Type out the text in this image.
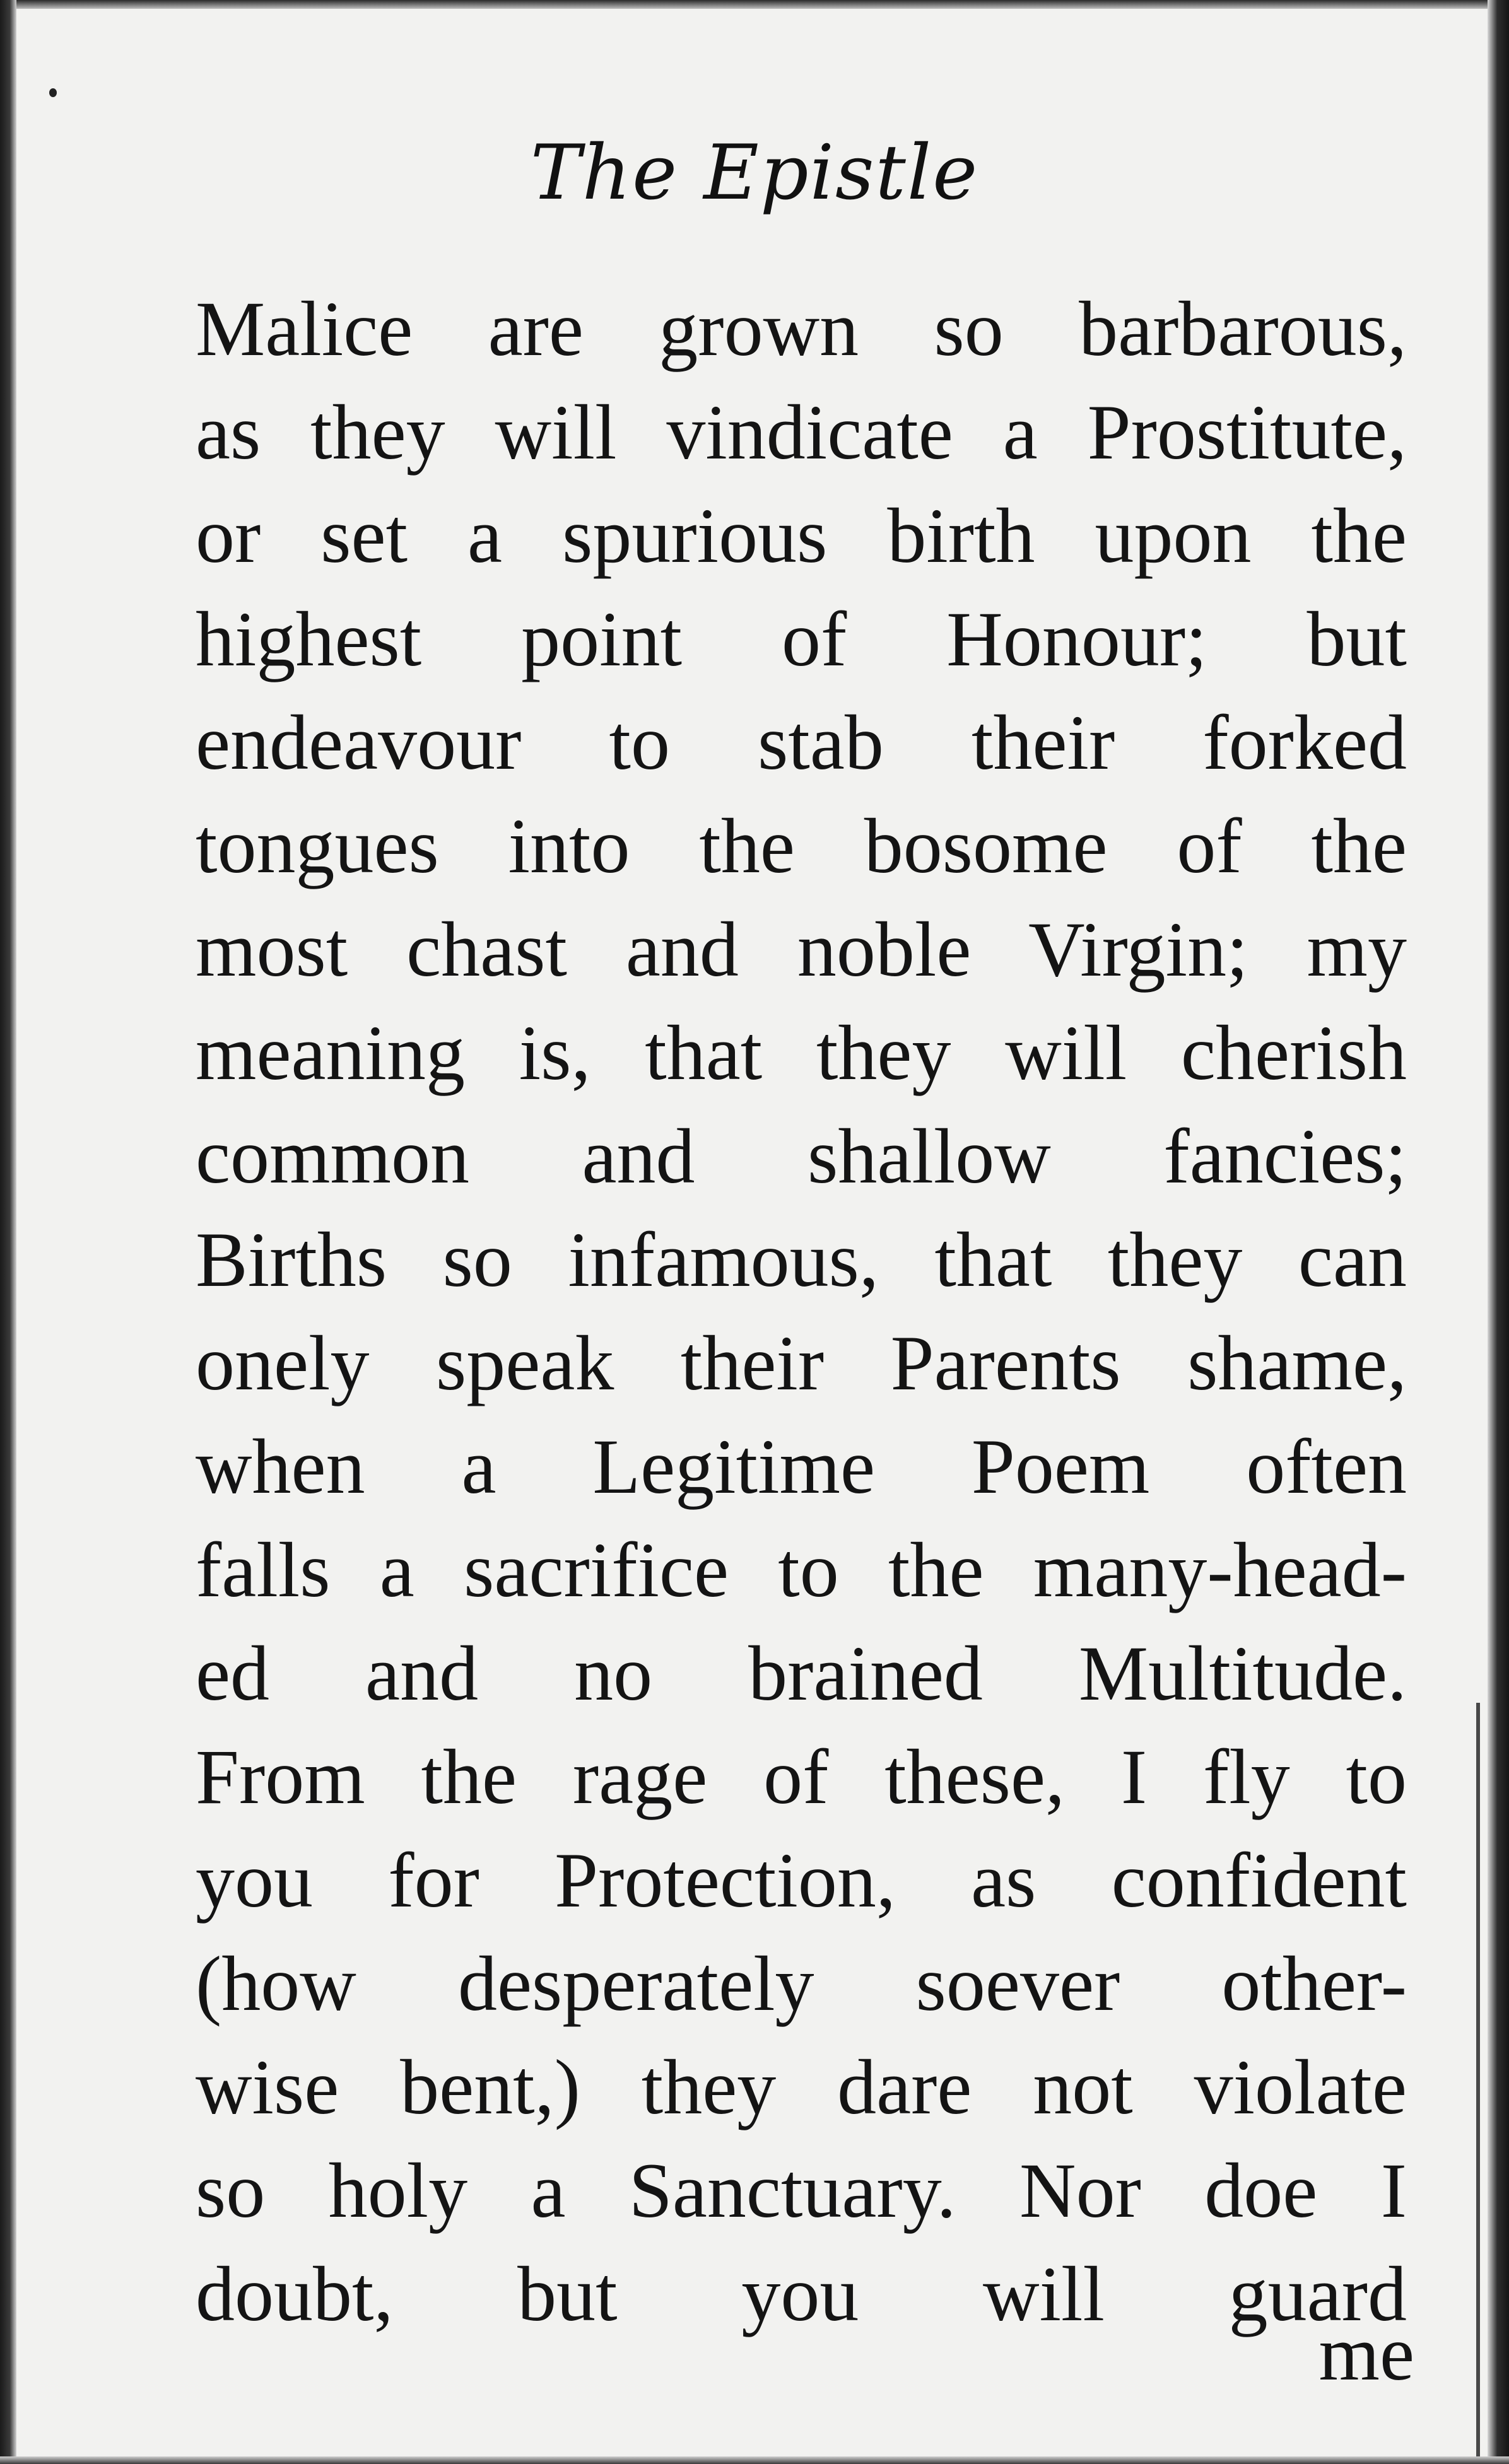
The Epistle
Malice are grown so barbarous,
as they will vindicate a Prostitute,
or set a spurious birth upon the
highest point of Honour; but
endeavour to stab their forked
tongues into the bosome of the
most chast and noble Virgin; my
meaning is, that they will cherish
common and shallow fancies;
Births so infamous, that they can
onely speak their Parents shame,
when a Legitime Poem often
falls a sacrifice to the many-head-
ed and no brained Multitude.
From the rage of these, I fly to
you for Protection, as confident
(how desperately soever other-
wise bent,) they dare not violate
so holy a Sanctuary. Nor doe I
doubt, but you will guard
me
